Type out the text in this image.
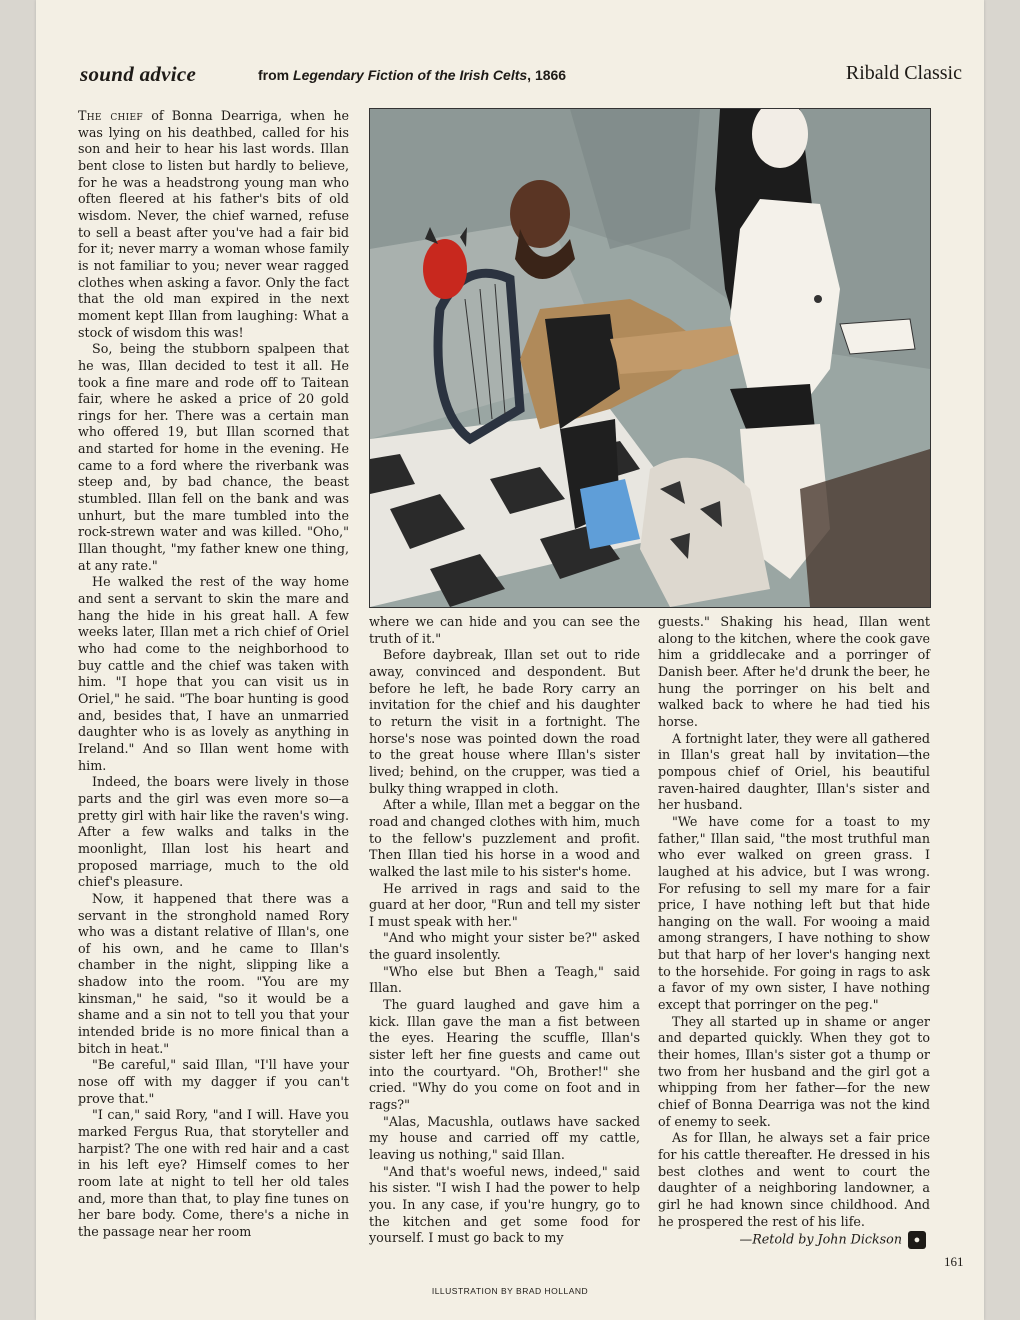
sound advice	from Legendary Fiction of the Irish Celts, 1866	Ribald Classic

The chief of Bonna Dearriga, when he was lying on his deathbed, called for his son and heir to hear his last words. Illan bent close to listen but hardly to believe, for he was a headstrong young man who often fleered at his father's bits of old wisdom. Never, the chief warned, refuse to sell a beast after you've had a fair bid for it; never marry a woman whose family is not familiar to you; never wear ragged clothes when asking a favor. Only the fact that the old man expired in the next moment kept Illan from laughing: What a stock of wisdom this was!

So, being the stubborn spalpeen that he was, Illan decided to test it all. He took a fine mare and rode off to Taitean fair, where he asked a price of 20 gold rings for her. There was a certain man who offered 19, but Illan scorned that and started for home in the evening. He came to a ford where the riverbank was steep and, by bad chance, the beast stumbled. Illan fell on the bank and was unhurt, but the mare tumbled into the rock-strewn water and was killed. "Oho," Illan thought, "my father knew one thing, at any rate."

He walked the rest of the way home and sent a servant to skin the mare and hang the hide in his great hall. A few weeks later, Illan met a rich chief of Oriel who had come to the neighborhood to buy cattle and the chief was taken with him. "I hope that you can visit us in Oriel," he said. "The boar hunting is good and, besides that, I have an unmarried daughter who is as lovely as anything in Ireland." And so Illan went home with him.

Indeed, the boars were lively in those parts and the girl was even more so—a pretty girl with hair like the raven's wing. After a few walks and talks in the moonlight, Illan lost his heart and proposed marriage, much to the old chief's pleasure.

Now, it happened that there was a servant in the stronghold named Rory who was a distant relative of Illan's, one of his own, and he came to Illan's chamber in the night, slipping like a shadow into the room. "You are my kinsman," he said, "so it would be a shame and a sin not to tell you that your intended bride is no more finical than a bitch in heat."

"Be careful," said Illan, "I'll have your nose off with my dagger if you can't prove that."

"I can," said Rory, "and I will. Have you marked Fergus Rua, that storyteller and harpist? The one with red hair and a cast in his left eye? Himself comes to her room late at night to tell her old tales and, more than that, to play fine tunes on her bare body. Come, there's a niche in the passage near her room

where we can hide and you can see the truth of it."

Before daybreak, Illan set out to ride away, convinced and despondent. But before he left, he bade Rory carry an invitation for the chief and his daughter to return the visit in a fortnight. The horse's nose was pointed down the road to the great house where Illan's sister lived; behind, on the crupper, was tied a bulky thing wrapped in cloth.

After a while, Illan met a beggar on the road and changed clothes with him, much to the fellow's puzzlement and profit. Then Illan tied his horse in a wood and walked the last mile to his sister's home.

He arrived in rags and said to the guard at her door, "Run and tell my sister I must speak with her."

"And who might your sister be?" asked the guard insolently.

"Who else but Bhen a Teagh," said Illan.

The guard laughed and gave him a kick. Illan gave the man a fist between the eyes. Hearing the scuffle, Illan's sister left her fine guests and came out into the courtyard. "Oh, Brother!" she cried. "Why do you come on foot and in rags?"

"Alas, Macushla, outlaws have sacked my house and carried off my cattle, leaving us nothing," said Illan.

"And that's woeful news, indeed," said his sister. "I wish I had the power to help you. In any case, if you're hungry, go to the kitchen and get some food for yourself. I must go back to my

guests." Shaking his head, Illan went along to the kitchen, where the cook gave him a griddlecake and a porringer of Danish beer. After he'd drunk the beer, he hung the porringer on his belt and walked back to where he had tied his horse.

A fortnight later, they were all gathered in Illan's great hall by invitation—the pompous chief of Oriel, his beautiful raven-haired daughter, Illan's sister and her husband.

"We have come for a toast to my father," Illan said, "the most truthful man who ever walked on green grass. I laughed at his advice, but I was wrong. For refusing to sell my mare for a fair price, I have nothing left but that hide hanging on the wall. For wooing a maid among strangers, I have nothing to show but that harp of her lover's hanging next to the horsehide. For going in rags to ask a favor of my own sister, I have nothing except that porringer on the peg."

They all started up in shame or anger and departed quickly. When they got to their homes, Illan's sister got a thump or two from her husband and the girl got a whipping from her father—for the new chief of Bonna Dearriga was not the kind of enemy to seek.

As for Illan, he always set a fair price for his cattle thereafter. He dressed in his best clothes and went to court the daughter of a neighboring landowner, a girl he had known since childhood. And he prospered the rest of his life.

—Retold by John Dickson ●
161
ILLUSTRATION BY BRAD HOLLAND
